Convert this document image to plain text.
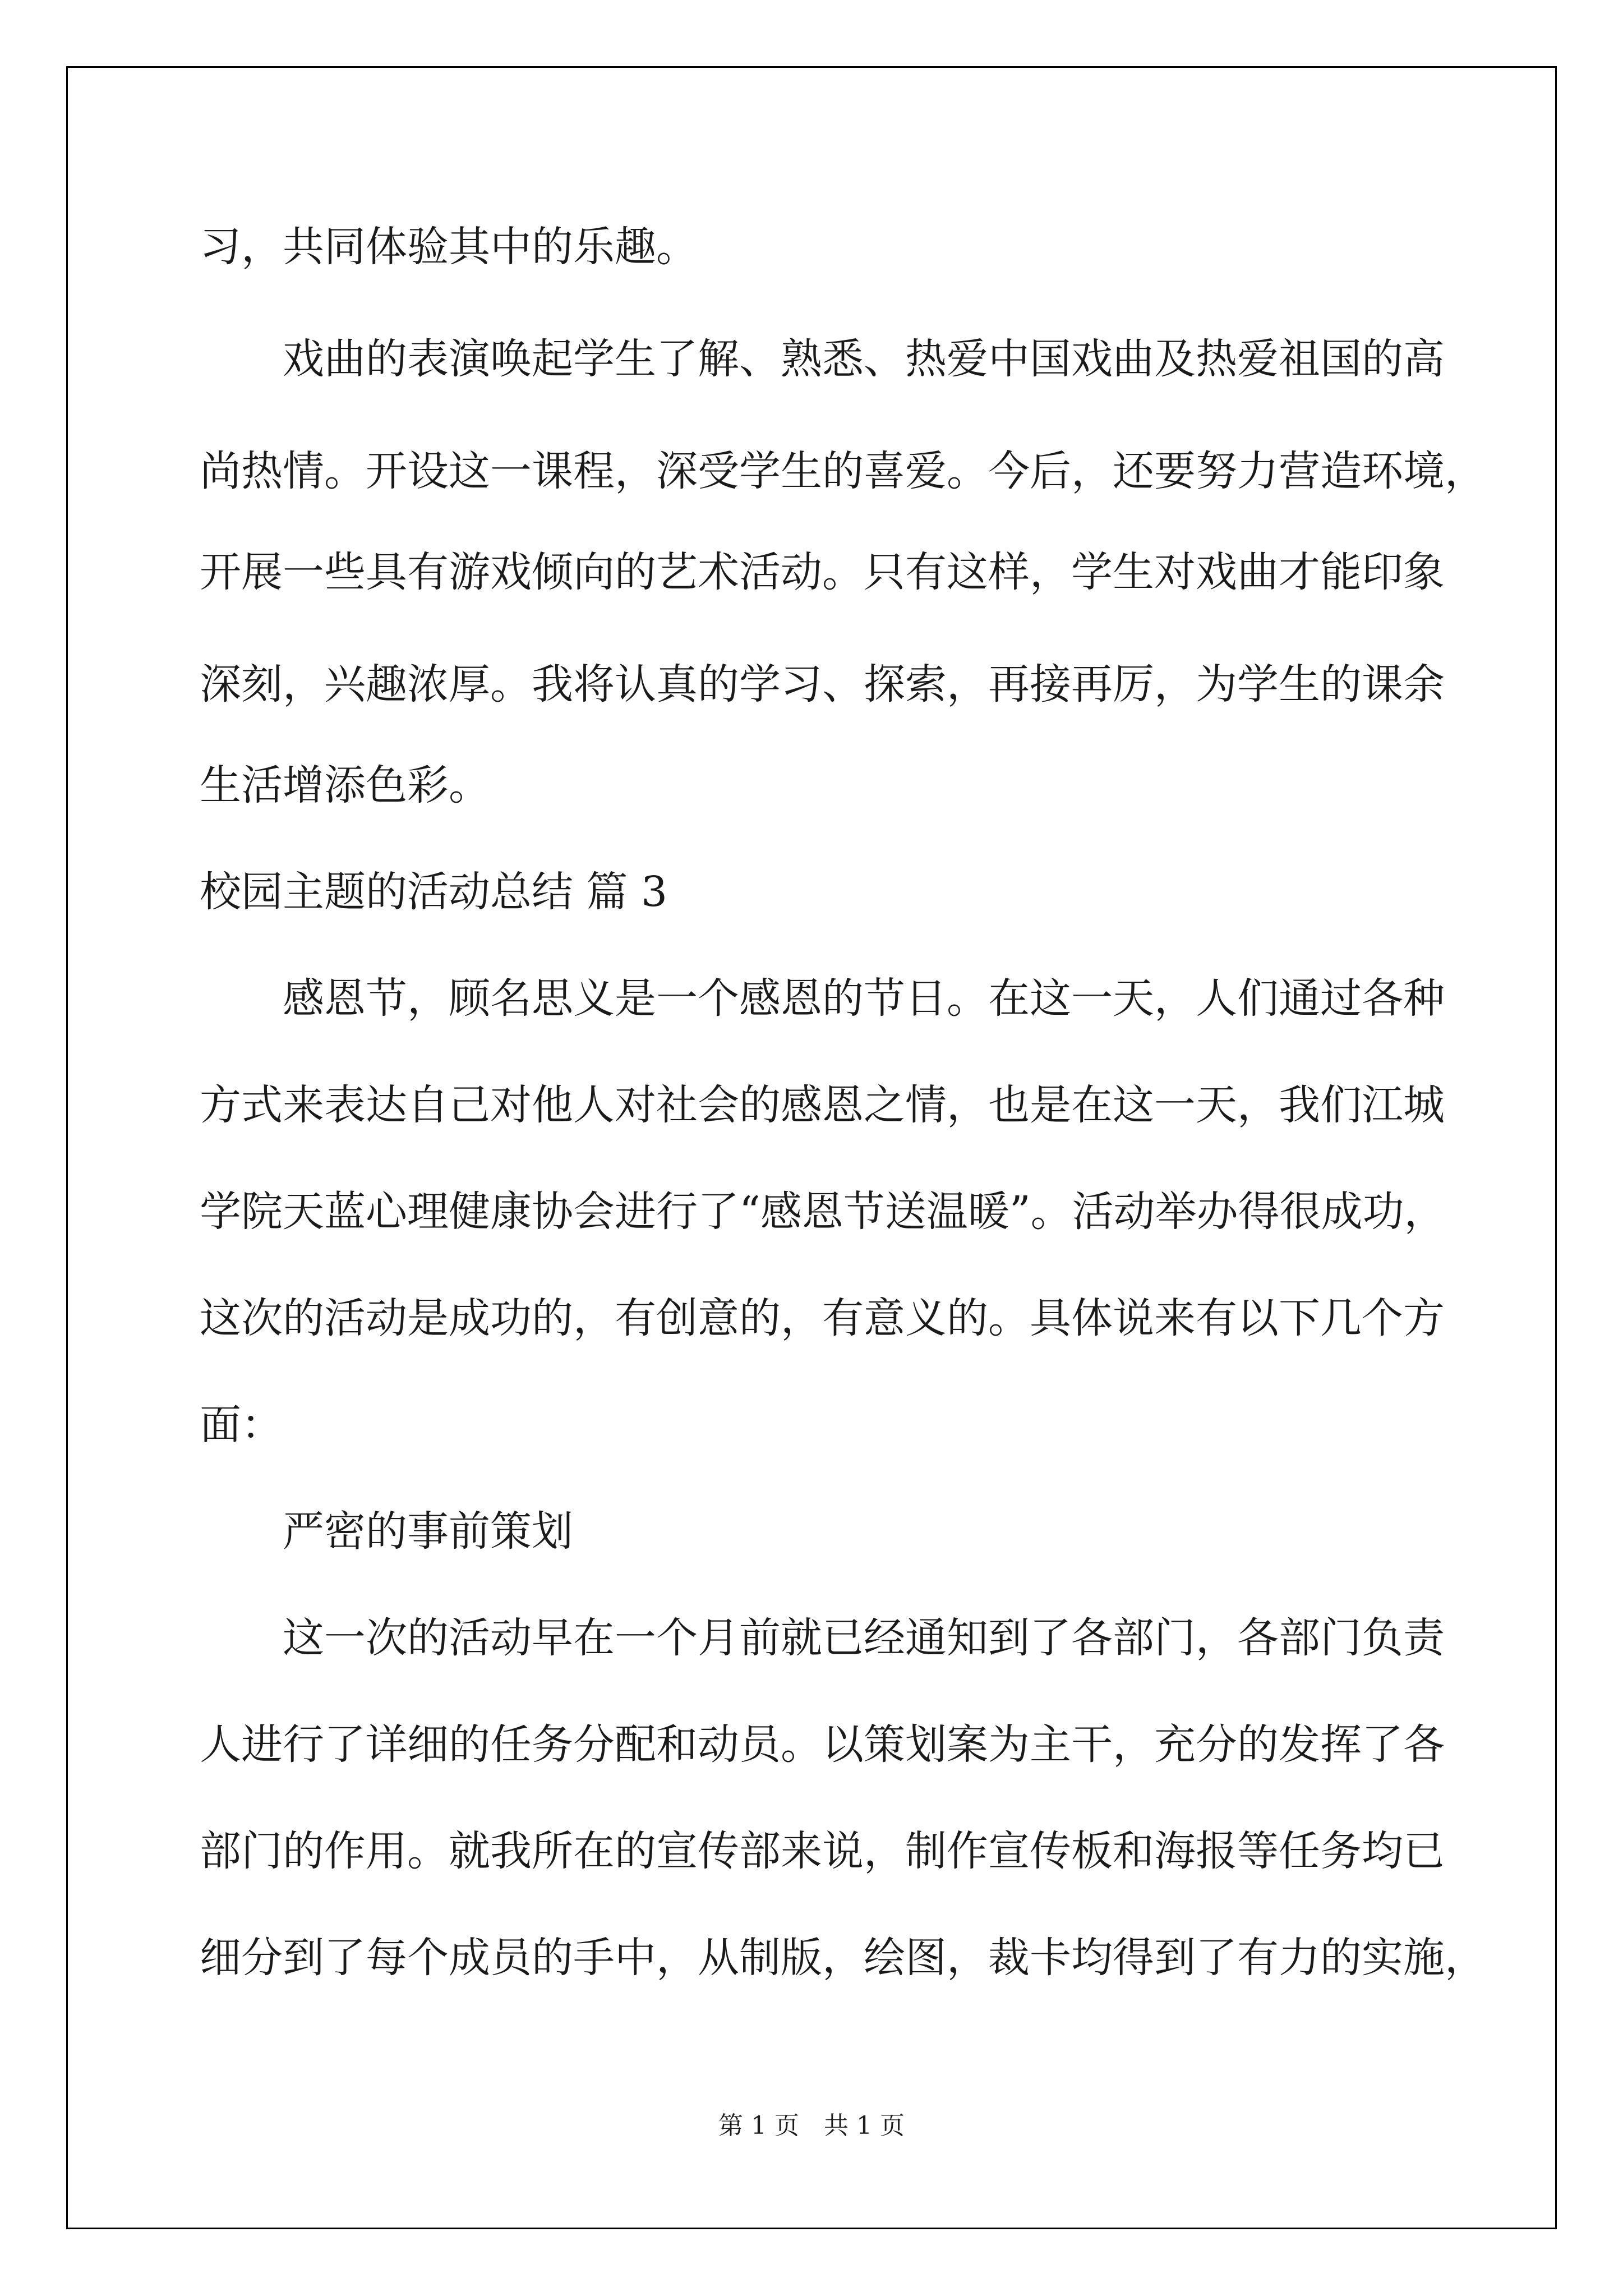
习，共同体验其中的乐趣。

　　戏曲的表演唤起学生了解、熟悉、热爱中国戏曲及热爱祖国的高

尚热情。开设这一课程，深受学生的喜爱。今后，还要努力营造环境，

开展一些具有游戏倾向的艺术活动。只有这样，学生对戏曲才能印象

深刻，兴趣浓厚。我将认真的学习、探索，再接再厉，为学生的课余

生活增添色彩。

校园主题的活动总结 篇 3

　　感恩节，顾名思义是一个感恩的节日。在这一天，人们通过各种

方式来表达自己对他人对社会的感恩之情，也是在这一天，我们江城

学院天蓝心理健康协会进行了“感恩节送温暖”。活动举办得很成功，

这次的活动是成功的，有创意的，有意义的。具体说来有以下几个方

面：

　　严密的事前策划

　　这一次的活动早在一个月前就已经通知到了各部门，各部门负责

人进行了详细的任务分配和动员。以策划案为主干，充分的发挥了各

部门的作用。就我所在的宣传部来说，制作宣传板和海报等任务均已

细分到了每个成员的手中，从制版，绘图，裁卡均得到了有力的实施，

第 1 页　共 1 页
